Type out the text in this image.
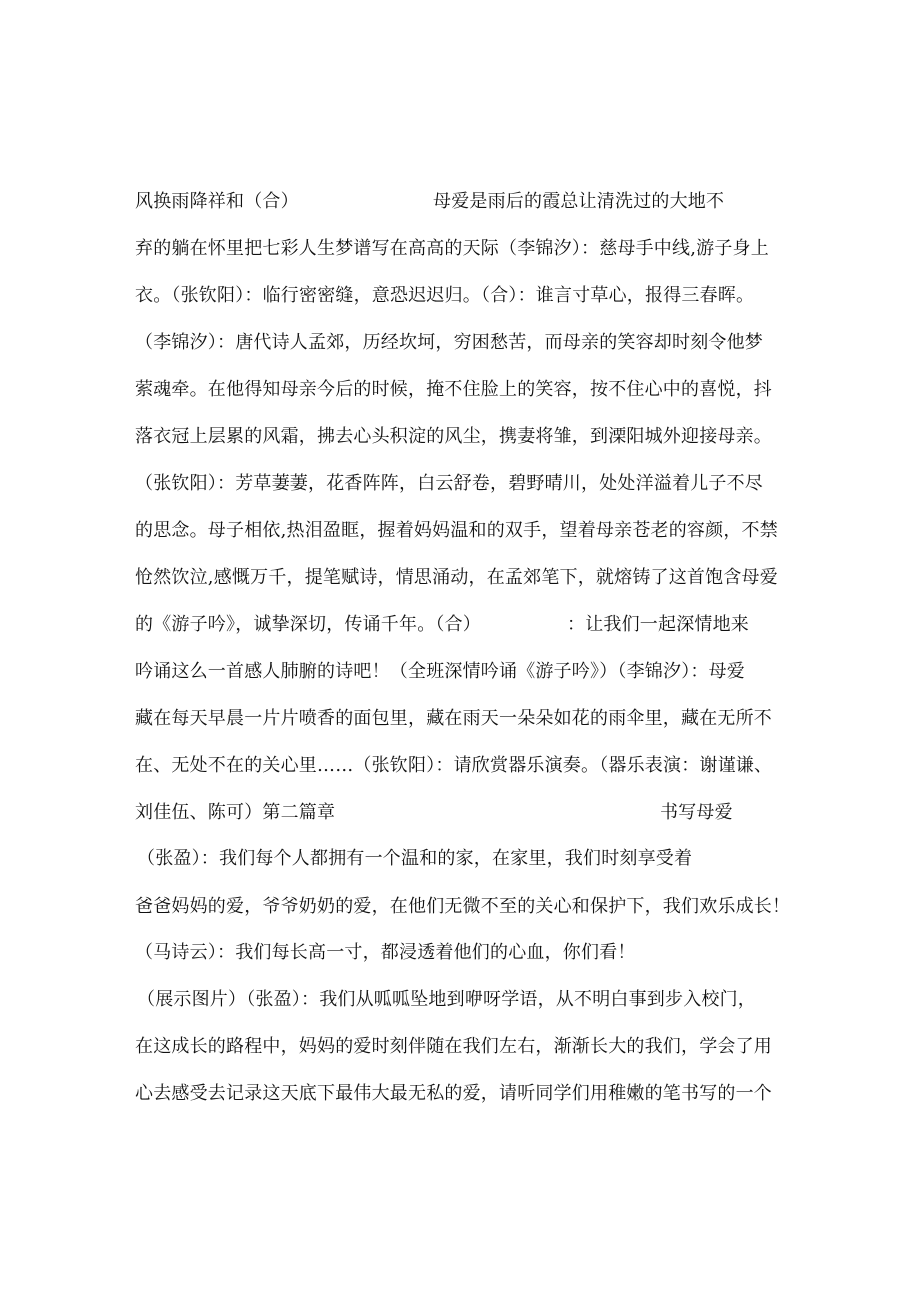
风换雨降祥和（合）	母爱是雨后的霞总让清洗过的大地不
弃的躺在怀里把七彩人生梦谱写在高高的天际（李锦汐）：慈母手中线,游子身上
衣。（张钦阳）：临行密密缝，意恐迟迟归。（合）：谁言寸草心，报得三春晖。
（李锦汐）：唐代诗人孟郊，历经坎坷，穷困愁苦，而母亲的笑容却时刻令他梦
萦魂牵。在他得知母亲今后的时候，掩不住脸上的笑容，按不住心中的喜悦，抖
落衣冠上层累的风霜，拂去心头积淀的风尘，携妻将雏，到溧阳城外迎接母亲。
（张钦阳）：芳草萋萋，花香阵阵，白云舒卷，碧野晴川，处处洋溢着儿子不尽
的思念。母子相依,热泪盈眶，握着妈妈温和的双手，望着母亲苍老的容颜，不禁
怆然饮泣,感慨万千，提笔赋诗，情思涌动，在孟郊笔下，就熔铸了这首饱含母爱
的《游子吟》，诚挚深切，传诵千年。（合）	：让我们一起深情地来
吟诵这么一首感人肺腑的诗吧！（全班深情吟诵《游子吟》）（李锦汐）：母爱
藏在每天早晨一片片喷香的面包里，藏在雨天一朵朵如花的雨伞里，藏在无所不
在、无处不在的关心里……（张钦阳）：请欣赏器乐演奏。（器乐表演：谢谨谦、
刘佳伍、陈可）第二篇章	书写母爱
（张盈）：我们每个人都拥有一个温和的家，在家里，我们时刻享受着
爸爸妈妈的爱，爷爷奶奶的爱，在他们无微不至的关心和保护下，我们欢乐成长！
（马诗云）：我们每长高一寸，都浸透着他们的心血，你们看！
（展示图片）（张盈）：我们从呱呱坠地到咿呀学语，从不明白事到步入校门，
在这成长的路程中，妈妈的爱时刻伴随在我们左右，渐渐长大的我们，学会了用
心去感受去记录这天底下最伟大最无私的爱，请听同学们用稚嫩的笔书写的一个
